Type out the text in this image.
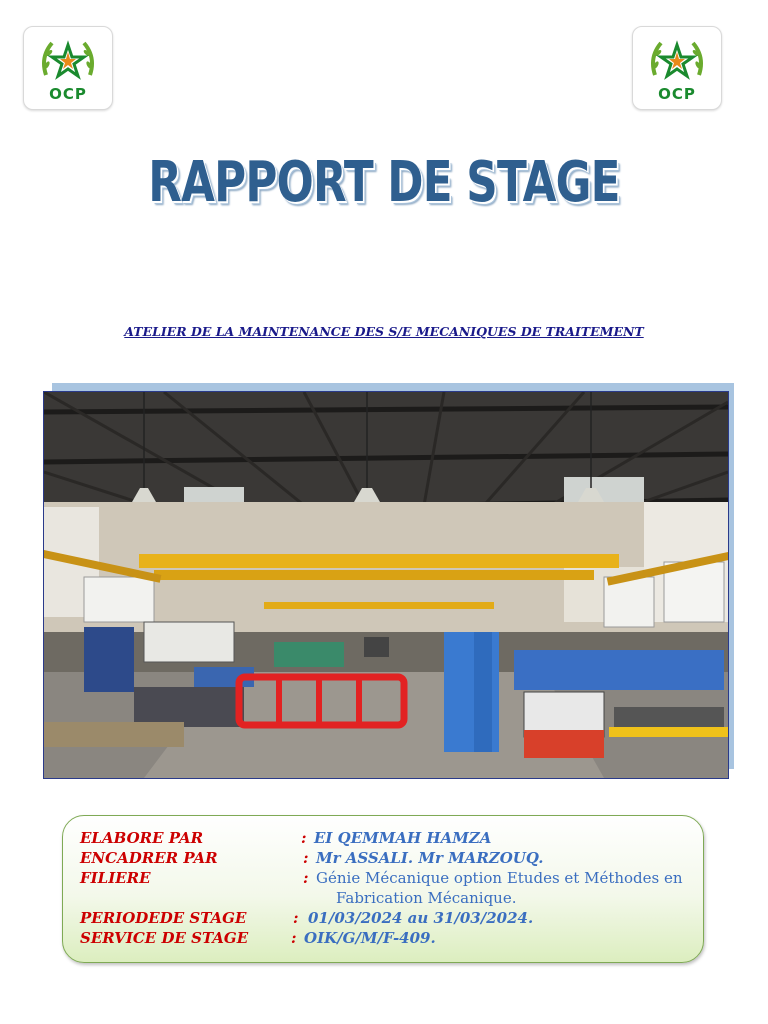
OCP	OCP
RAPPORT DE STAGE
ATELIER DE LA MAINTENANCE DES S/E MECANIQUES DE TRAITEMENT
ELABORE PAR	: EI QEMMAH HAMZA
ENCADRER PAR	: Mr ASSALI. Mr MARZOUQ.
FILIERE	: Génie Mécanique option Etudes et Méthodes en
Fabrication Mécanique.
PERIODEDE STAGE	: 01/03/2024 au 31/03/2024.
SERVICE DE STAGE	: OIK/G/M/F-409.
